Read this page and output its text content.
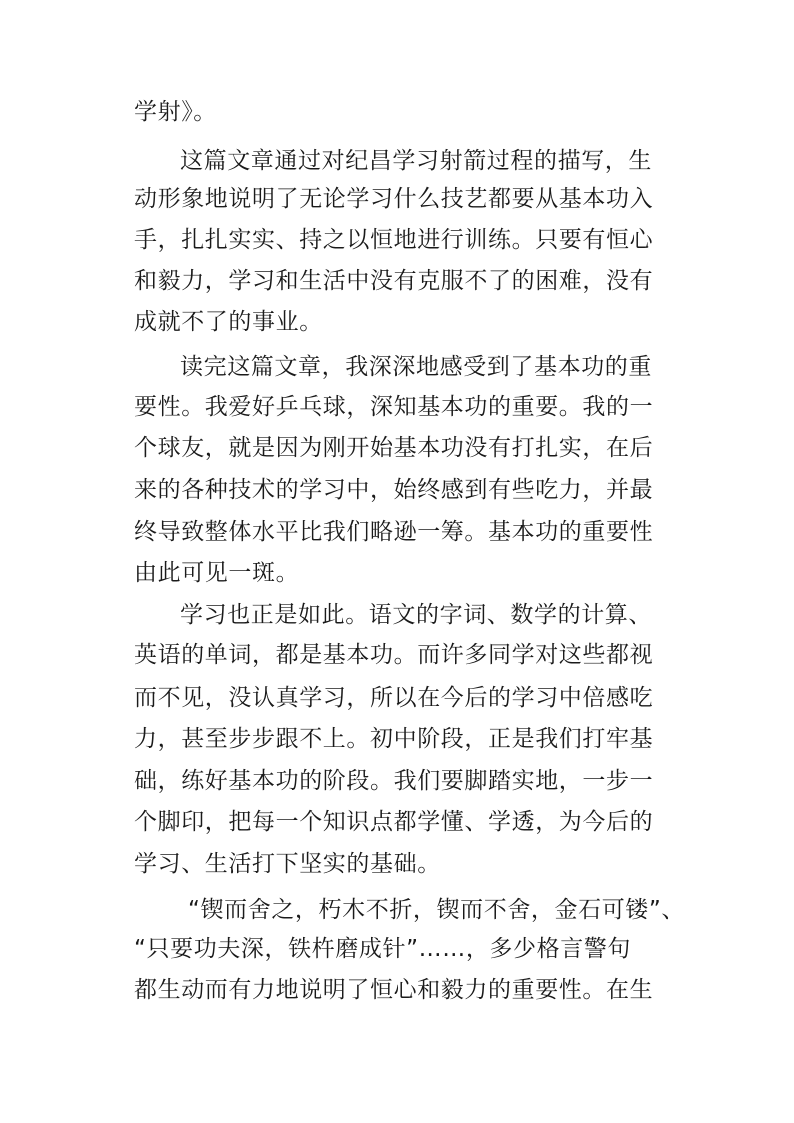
学射》。

这篇文章通过对纪昌学习射箭过程的描写，生

动形象地说明了无论学习什么技艺都要从基本功入

手，扎扎实实、持之以恒地进行训练。只要有恒心

和毅力，学习和生活中没有克服不了的困难，没有

成就不了的事业。

读完这篇文章，我深深地感受到了基本功的重

要性。我爱好乒乓球，深知基本功的重要。我的一

个球友，就是因为刚开始基本功没有打扎实，在后

来的各种技术的学习中，始终感到有些吃力，并最

终导致整体水平比我们略逊一筹。基本功的重要性

由此可见一斑。

学习也正是如此。语文的字词、数学的计算、

英语的单词，都是基本功。而许多同学对这些都视

而不见，没认真学习，所以在今后的学习中倍感吃

力，甚至步步跟不上。初中阶段，正是我们打牢基

础，练好基本功的阶段。我们要脚踏实地，一步一

个脚印，把每一个知识点都学懂、学透，为今后的

学习、生活打下坚实的基础。

“锲而舍之，朽木不折，锲而不舍，金石可镂”、

“只要功夫深，铁杵磨成针”……，多少格言警句

都生动而有力地说明了恒心和毅力的重要性。在生
